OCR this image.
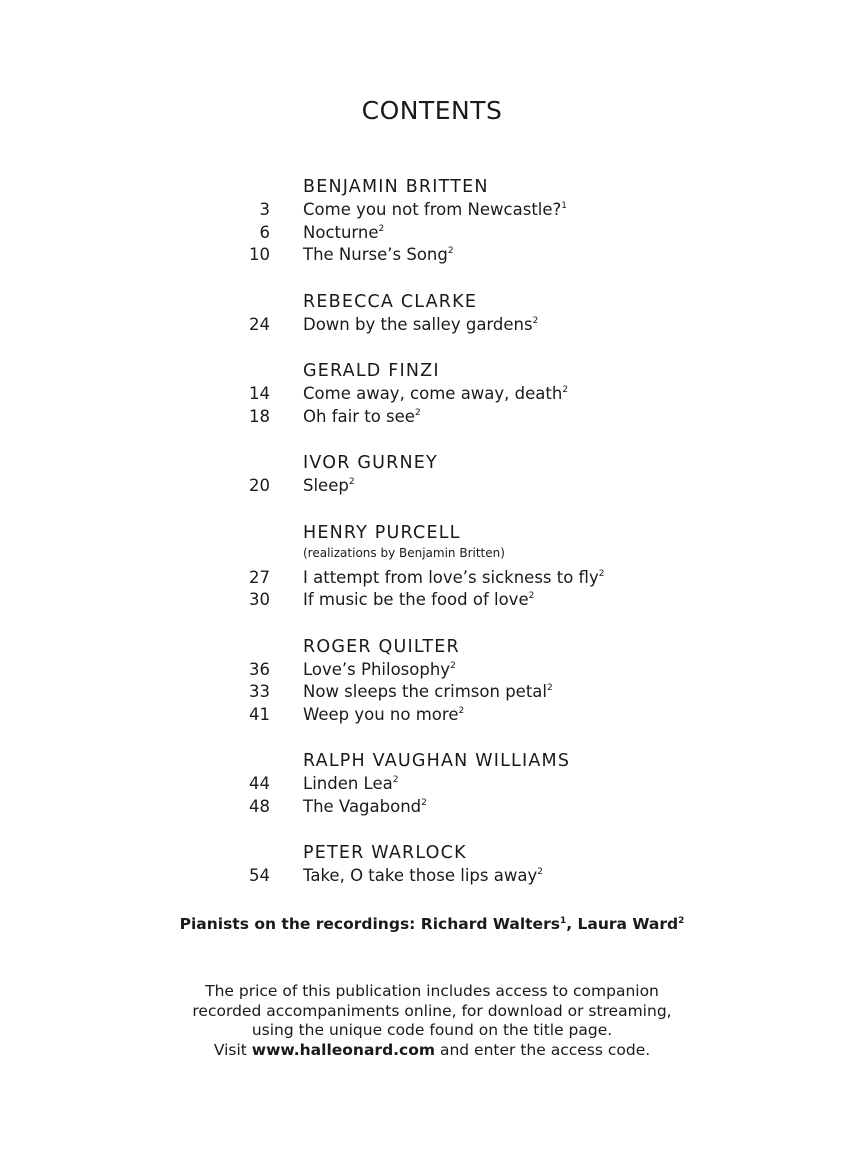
CONTENTS
BENJAMIN BRITTEN
3 Come you not from Newcastle?$^1$
6 Nocturne$^2$
10 The Nurse’s Song$^2$
REBECCA CLARKE
24 Down by the salley gardens$^2$
GERALD FINZI
14 Come away, come away, death$^2$
18 Oh fair to see$^2$
IVOR GURNEY
20 Sleep$^2$
HENRY PURCELL
(realizations by Benjamin Britten)
27 I attempt from love’s sickness to fly$^2$
30 If music be the food of love$^2$
ROGER QUILTER
36 Love’s Philosophy$^2$
33 Now sleeps the crimson petal$^2$
41 Weep you no more$^2$
RALPH VAUGHAN WILLIAMS
44 Linden Lea$^2$
48 The Vagabond$^2$
PETER WARLOCK
54 Take, O take those lips away$^2$
Pianists on the recordings: Richard Walters$^1$, Laura Ward$^2$
The price of this publication includes access to companion
recorded accompaniments online, for download or streaming,
using the unique code found on the title page.
Visit www.halleonard.com and enter the access code.
